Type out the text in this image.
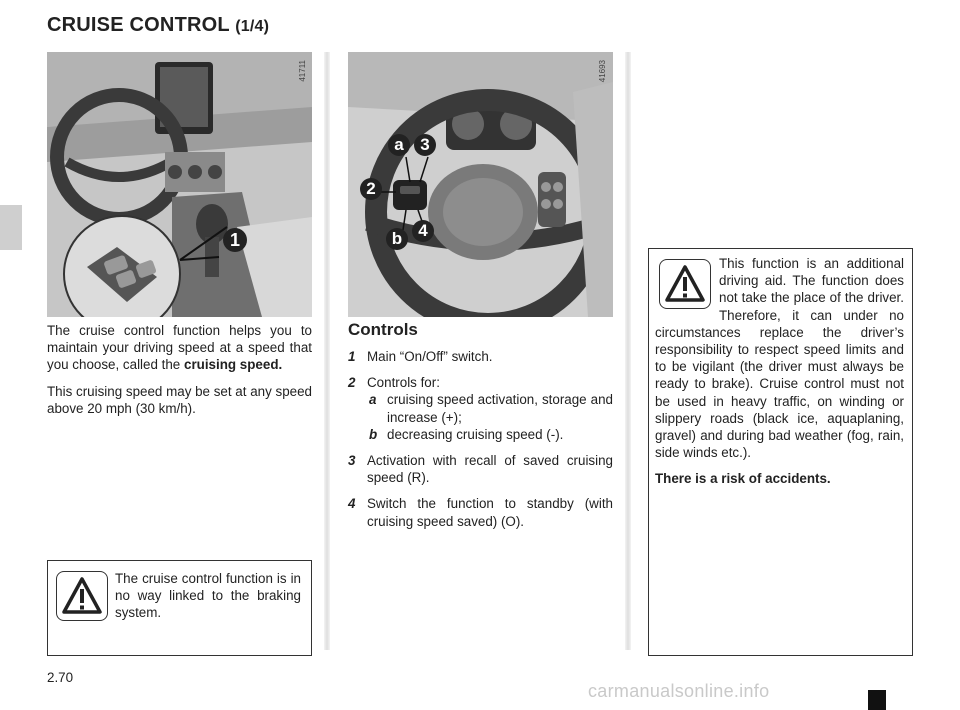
CRUISE CONTROL (1/4)
1
41711
a 3
2
b 4
41693

The cruise control function helps you to maintain your driving speed at a speed that you choose, called the cruising speed.

This cruising speed may be set at any speed above 20 mph (30 km/h).

The cruise control function is in no way linked to the braking system.
Controls
1 Main “On/Off” switch.
2 Controls for:
a cruising speed activation, storage and increase (+);
b decreasing cruising speed (-).
3 Activation with recall of saved cruising speed (R).
4 Switch the function to standby (with cruising speed saved) (O).
This function is an additional driving aid. The function does not take the place of the driver. Therefore, it can under no circumstances replace the driver’s responsibility to respect speed limits and to be vigilant (the driver must always be ready to brake). Cruise control must not be used in heavy traffic, on winding or slippery roads (black ice, aquaplaning, gravel) and during bad weather (fog, rain, side winds etc.).
There is a risk of accidents.
2.70
carmanualsonline.info
